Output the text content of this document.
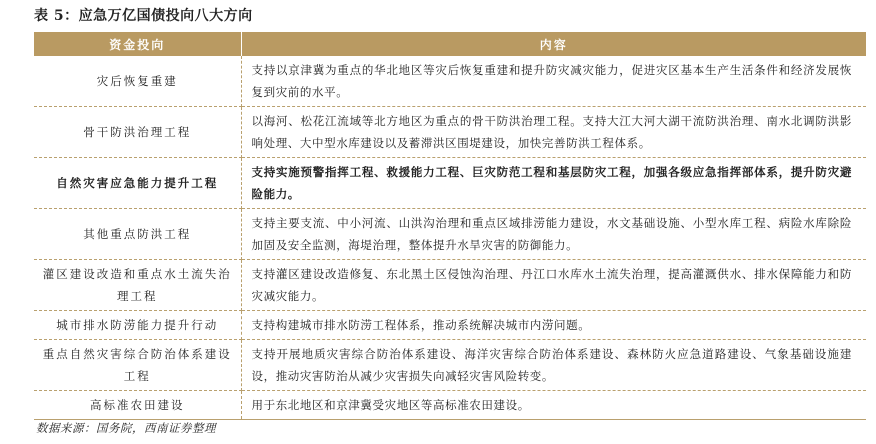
表 5：应急万亿国债投向八大方向
资金投向	内容
灾后恢复重建	支持以京津冀为重点的华北地区等灾后恢复重建和提升防灾减灾能力，促进灾区基本生产生活条件和经济发展恢复到灾前的水平。
骨干防洪治理工程	以海河、松花江流域等北方地区为重点的骨干防洪治理工程。支持大江大河大湖干流防洪治理、南水北调防洪影响处理、大中型水库建设以及蓄滞洪区围堤建设，加快完善防洪工程体系。
自然灾害应急能力提升工程	支持实施预警指挥工程、救援能力工程、巨灾防范工程和基层防灾工程，加强各级应急指挥部体系，提升防灾避险能力。
其他重点防洪工程	支持主要支流、中小河流、山洪沟治理和重点区域排涝能力建设，水文基础设施、小型水库工程、病险水库除险加固及安全监测，海堤治理，整体提升水旱灾害的防御能力。
灌区建设改造和重点水土流失治理工程	支持灌区建设改造修复、东北黑土区侵蚀沟治理、丹江口水库水土流失治理，提高灌溉供水、排水保障能力和防灾减灾能力。
城市排水防涝能力提升行动	支持构建城市排水防涝工程体系，推动系统解决城市内涝问题。
重点自然灾害综合防治体系建设工程	支持开展地质灾害综合防治体系建设、海洋灾害综合防治体系建设、森林防火应急道路建设、气象基础设施建设，推动灾害防治从减少灾害损失向减轻灾害风险转变。
高标准农田建设	用于东北地区和京津冀受灾地区等高标准农田建设。
数据来源：国务院，西南证券整理
